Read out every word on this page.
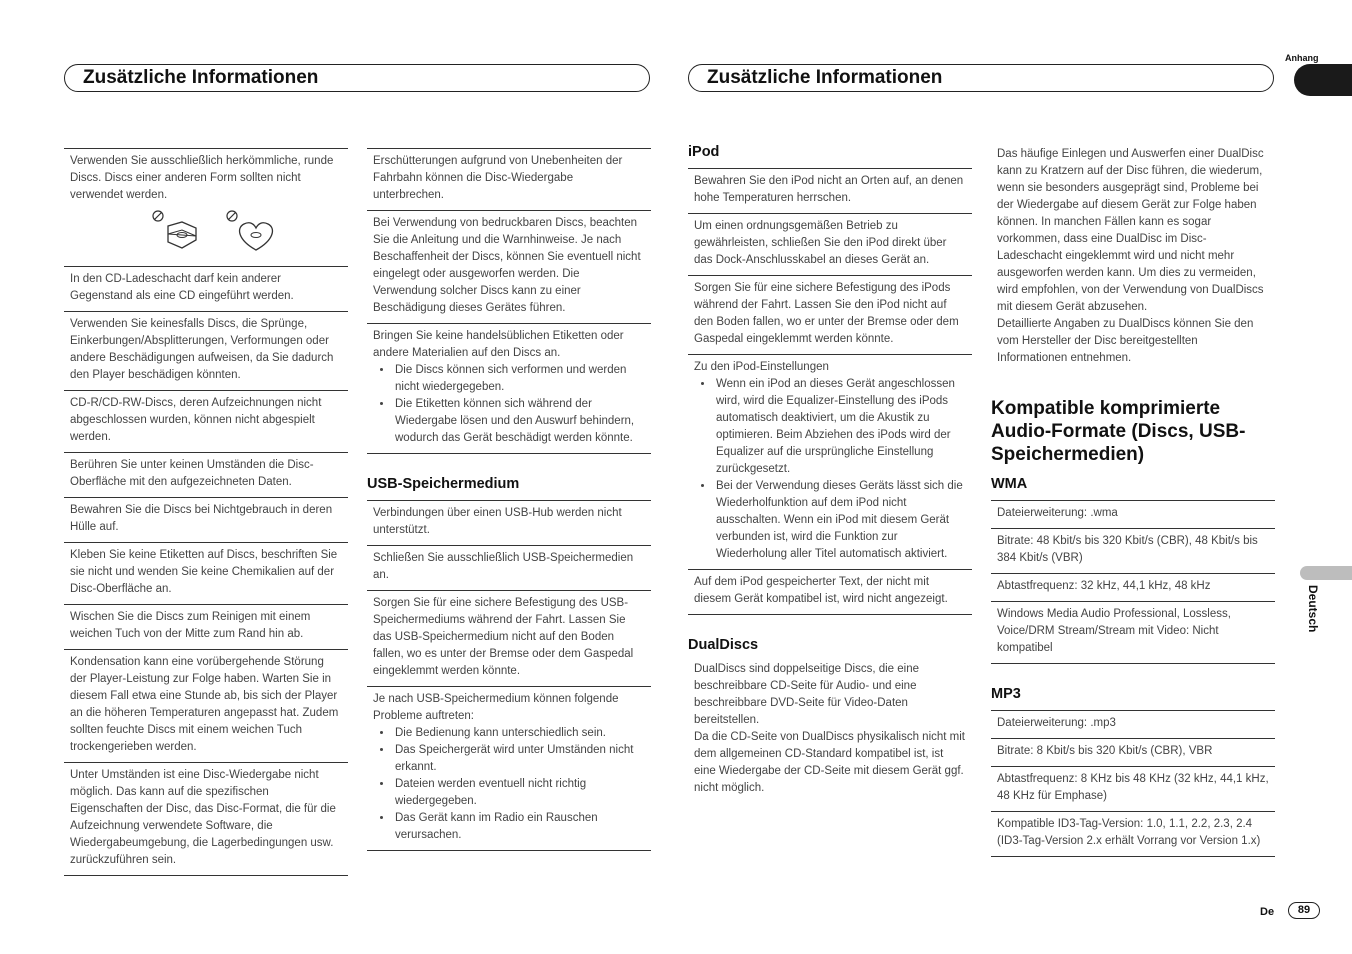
Zusätzliche Informationen	Zusätzliche Informationen
Anhang
Deutsch

Verwenden Sie ausschließlich herkömmliche, runde Discs. Discs einer anderen Form sollten nicht verwendet werden.

In den CD-Ladeschacht darf kein anderer Gegenstand als eine CD eingeführt werden.

Verwenden Sie keinesfalls Discs, die Sprünge, Einkerbungen/Absplitterungen, Verformungen oder andere Beschädigungen aufweisen, da Sie dadurch den Player beschädigen könnten.

CD-R/CD-RW-Discs, deren Aufzeichnungen nicht abgeschlossen wurden, können nicht abgespielt werden.

Berühren Sie unter keinen Umständen die Disc-Oberfläche mit den aufgezeichneten Daten.

Bewahren Sie die Discs bei Nichtgebrauch in deren Hülle auf.

Kleben Sie keine Etiketten auf Discs, beschriften Sie sie nicht und wenden Sie keine Chemikalien auf der Disc-Oberfläche an.

Wischen Sie die Discs zum Reinigen mit einem weichen Tuch von der Mitte zum Rand hin ab.

Kondensation kann eine vorübergehende Störung der Player-Leistung zur Folge haben. Warten Sie in diesem Fall etwa eine Stunde ab, bis sich der Player an die höheren Temperaturen angepasst hat. Zudem sollten feuchte Discs mit einem weichen Tuch trockengerieben werden.

Unter Umständen ist eine Disc-Wiedergabe nicht möglich. Das kann auf die spezifischen Eigenschaften der Disc, das Disc-Format, die für die Aufzeichnung verwendete Software, die Wiedergabeumgebung, die Lagerbedingungen usw. zurückzuführen sein.

Erschütterungen aufgrund von Unebenheiten der Fahrbahn können die Disc-Wiedergabe unterbrechen.

Bei Verwendung von bedruckbaren Discs, beachten Sie die Anleitung und die Warnhinweise. Je nach Beschaffenheit der Discs, können Sie eventuell nicht eingelegt oder ausgeworfen werden. Die Verwendung solcher Discs kann zu einer Beschädigung dieses Gerätes führen.

Bringen Sie keine handelsüblichen Etiketten oder andere Materialien auf den Discs an.

• Die Discs können sich verformen und werden nicht wiedergegeben.
• Die Etiketten können sich während der Wiedergabe lösen und den Auswurf behindern, wodurch das Gerät beschädigt werden könnte.
USB-Speichermedium

Verbindungen über einen USB-Hub werden nicht unterstützt.

Schließen Sie ausschließlich USB-Speichermedien an.

Sorgen Sie für eine sichere Befestigung des USB-Speichermediums während der Fahrt. Lassen Sie das USB-Speichermedium nicht auf den Boden fallen, wo es unter der Bremse oder dem Gaspedal eingeklemmt werden könnte.

Je nach USB-Speichermedium können folgende Probleme auftreten:

• Die Bedienung kann unterschiedlich sein.
• Das Speichergerät wird unter Umständen nicht erkannt.
• Dateien werden eventuell nicht richtig wiedergegeben.
• Das Gerät kann im Radio ein Rauschen verursachen.
iPod

Bewahren Sie den iPod nicht an Orten auf, an denen hohe Temperaturen herrschen.

Um einen ordnungsgemäßen Betrieb zu gewährleisten, schließen Sie den iPod direkt über das Dock-Anschlusskabel an dieses Gerät an.

Sorgen Sie für eine sichere Befestigung des iPods während der Fahrt. Lassen Sie den iPod nicht auf den Boden fallen, wo er unter der Bremse oder dem Gaspedal eingeklemmt werden könnte.

Zu den iPod-Einstellungen

• Wenn ein iPod an dieses Gerät angeschlossen wird, wird die Equalizer-Einstellung des iPods automatisch deaktiviert, um die Akustik zu optimieren. Beim Abziehen des iPods wird der Equalizer auf die ursprüngliche Einstellung zurückgesetzt.
• Bei der Verwendung dieses Geräts lässt sich die Wiederholfunktion auf dem iPod nicht ausschalten. Wenn ein iPod mit diesem Gerät verbunden ist, wird die Funktion zur Wiederholung aller Titel automatisch aktiviert.

Auf dem iPod gespeicherter Text, der nicht mit diesem Gerät kompatibel ist, wird nicht angezeigt.

DualDiscs

DualDiscs sind doppelseitige Discs, die eine beschreibbare CD-Seite für Audio- und eine beschreibbare DVD-Seite für Video-Daten bereitstellen.

Da die CD-Seite von DualDiscs physikalisch nicht mit dem allgemeinen CD-Standard kompatibel ist, ist eine Wiedergabe der CD-Seite mit diesem Gerät ggf. nicht möglich.

Das häufige Einlegen und Auswerfen einer DualDisc kann zu Kratzern auf der Disc führen, die wiederum, wenn sie besonders ausgeprägt sind, Probleme bei der Wiedergabe auf diesem Gerät zur Folge haben können. In manchen Fällen kann es sogar vorkommen, dass eine DualDisc im Disc-Ladeschacht eingeklemmt wird und nicht mehr ausgeworfen werden kann. Um dies zu vermeiden, wird empfohlen, von der Verwendung von DualDiscs mit diesem Gerät abzusehen.

Detaillierte Angaben zu DualDiscs können Sie den vom Hersteller der Disc bereitgestellten Informationen entnehmen.

Kompatible komprimierte Audio-Formate (Discs, USB-Speichermedien)
WMA

Dateierweiterung: .wma

Bitrate: 48 Kbit/s bis 320 Kbit/s (CBR), 48 Kbit/s bis 384 Kbit/s (VBR)

Abtastfrequenz: 32 kHz, 44,1 kHz, 48 kHz

Windows Media Audio Professional, Lossless, Voice/DRM Stream/Stream mit Video: Nicht kompatibel

MP3

Dateierweiterung: .mp3

Bitrate: 8 Kbit/s bis 320 Kbit/s (CBR), VBR

Abtastfrequenz: 8 KHz bis 48 KHz (32 kHz, 44,1 kHz, 48 KHz für Emphase)

Kompatible ID3-Tag-Version: 1.0, 1.1, 2.2, 2.3, 2.4 (ID3-Tag-Version 2.x erhält Vorrang vor Version 1.x)

De	89
